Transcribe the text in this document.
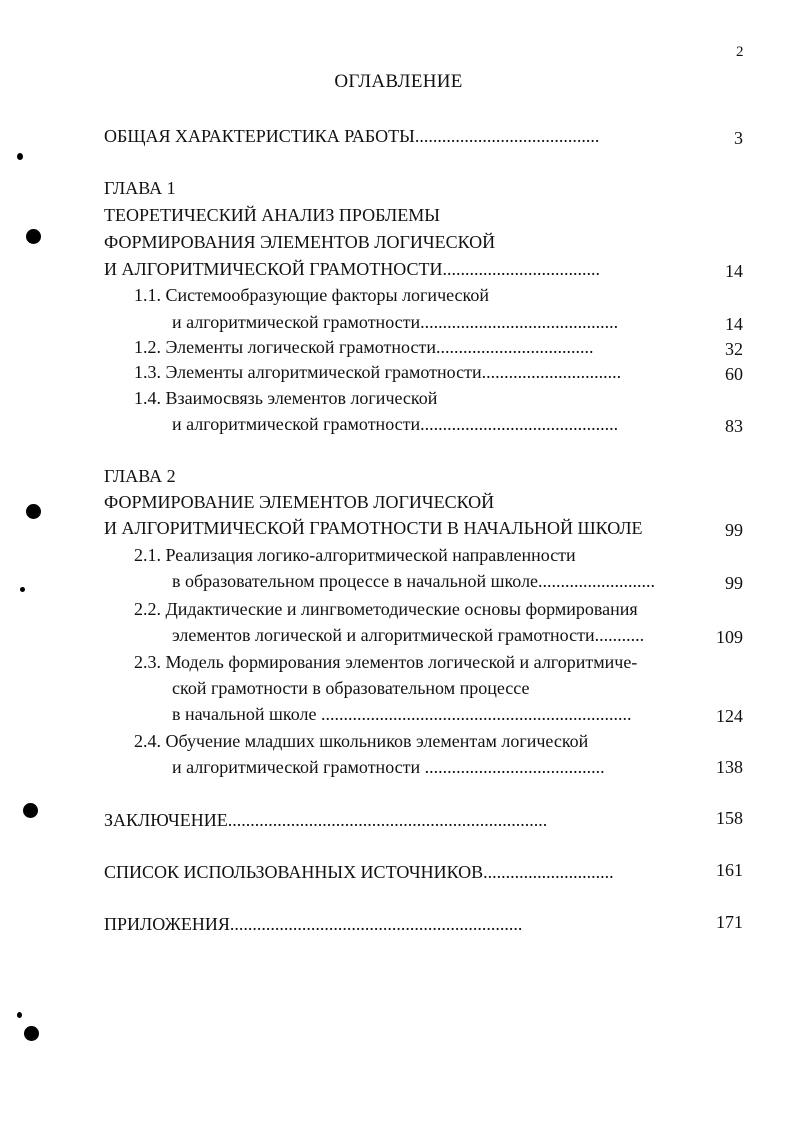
2
ОГЛАВЛЕНИЕ
ОБЩАЯ ХАРАКТЕРИСТИКА РАБОТЫ.........................................	3
ГЛАВА 1
ТЕОРЕТИЧЕСКИЙ АНАЛИЗ ПРОБЛЕМЫ
ФОРМИРОВАНИЯ ЭЛЕМЕНТОВ ЛОГИЧЕСКОЙ
И АЛГОРИТМИЧЕСКОЙ ГРАМОТНОСТИ...................................	14
1.1. Системообразующие факторы логической
и алгоритмической грамотности............................................	14
1.2. Элементы логической грамотности...................................	32
1.3. Элементы алгоритмической грамотности...............................	60
1.4. Взаимосвязь элементов логической
и алгоритмической грамотности............................................	83
ГЛАВА 2
ФОРМИРОВАНИЕ ЭЛЕМЕНТОВ ЛОГИЧЕСКОЙ
И АЛГОРИТМИЧЕСКОЙ ГРАМОТНОСТИ В НАЧАЛЬНОЙ ШКОЛЕ	99
2.1. Реализация логико-алгоритмической направленности
в образовательном процессе в начальной школе..........................	99
2.2. Дидактические и лингвометодические основы формирования
элементов логической и алгоритмической грамотности...........	109
2.3. Модель формирования элементов логической и алгоритмиче-
ской грамотности в образовательном процессе
в начальной школе .....................................................................	124
2.4. Обучение младших школьников элементам логической
и алгоритмической грамотности ........................................	138
ЗАКЛЮЧЕНИЕ.......................................................................	158
СПИСОК ИСПОЛЬЗОВАННЫХ ИСТОЧНИКОВ.............................	161
ПРИЛОЖЕНИЯ.................................................................	171
